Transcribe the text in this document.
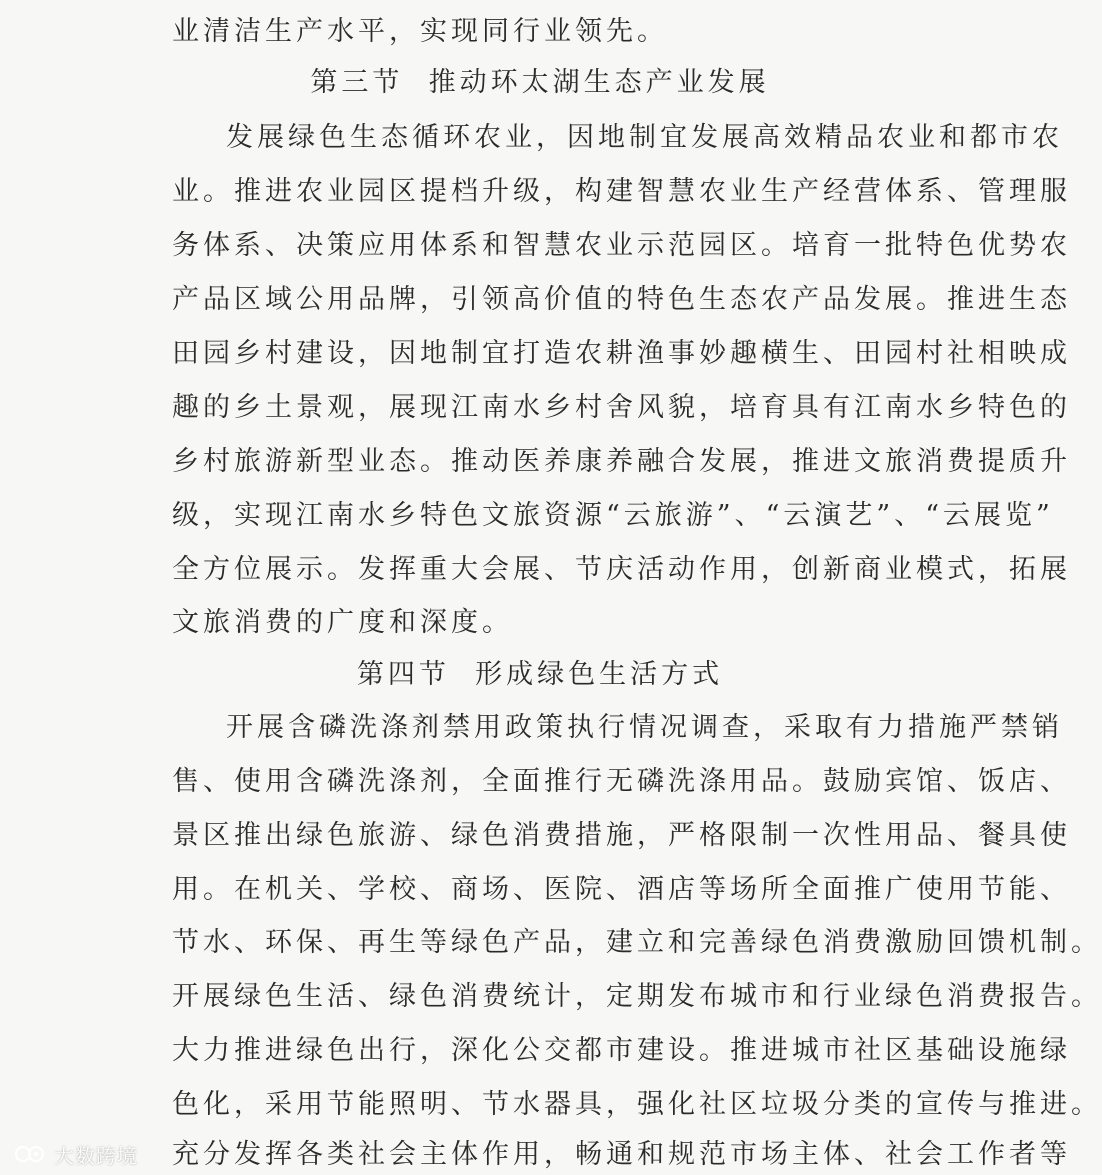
业清洁生产水平，实现同行业领先。
第三节  推动环太湖生态产业发展
发展绿色生态循环农业，因地制宜发展高效精品农业和都市农
业。推进农业园区提档升级，构建智慧农业生产经营体系、管理服
务体系、决策应用体系和智慧农业示范园区。培育一批特色优势农
产品区域公用品牌，引领高价值的特色生态农产品发展。推进生态
田园乡村建设，因地制宜打造农耕渔事妙趣横生、田园村社相映成
趣的乡土景观，展现江南水乡村舍风貌，培育具有江南水乡特色的
乡村旅游新型业态。推动医养康养融合发展，推进文旅消费提质升
级，实现江南水乡特色文旅资源“云旅游”、“云演艺”、“云展览”
全方位展示。发挥重大会展、节庆活动作用，创新商业模式，拓展
文旅消费的广度和深度。
第四节  形成绿色生活方式
开展含磷洗涤剂禁用政策执行情况调查，采取有力措施严禁销
售、使用含磷洗涤剂，全面推行无磷洗涤用品。鼓励宾馆、饭店、
景区推出绿色旅游、绿色消费措施，严格限制一次性用品、餐具使
用。在机关、学校、商场、医院、酒店等场所全面推广使用节能、
节水、环保、再生等绿色产品，建立和完善绿色消费激励回馈机制。
开展绿色生活、绿色消费统计，定期发布城市和行业绿色消费报告。
大力推进绿色出行，深化公交都市建设。推进城市社区基础设施绿
色化，采用节能照明、节水器具，强化社区垃圾分类的宣传与推进。
充分发挥各类社会主体作用，畅通和规范市场主体、社会工作者等
大数跨境
